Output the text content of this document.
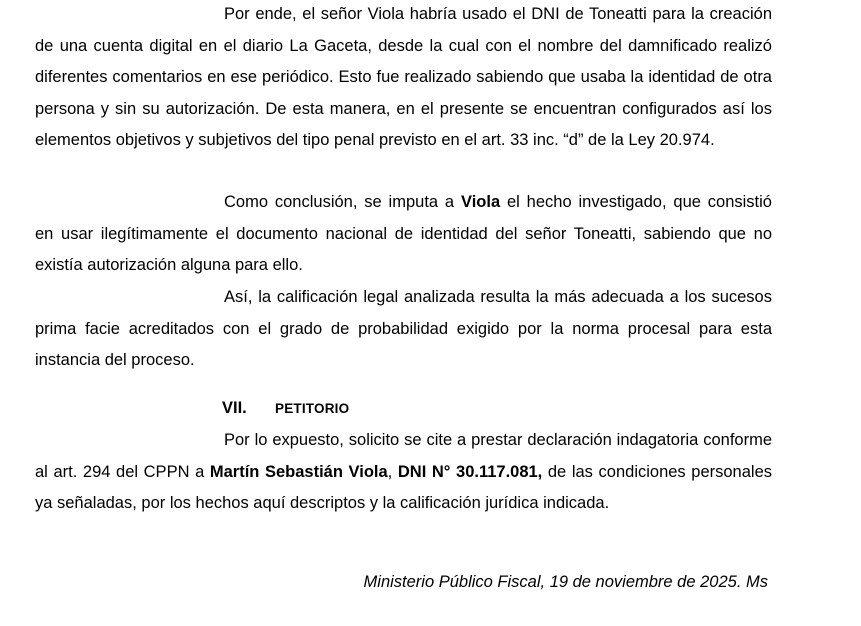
Por ende, el señor Viola habría usado el DNI de Toneatti para la creación de una cuenta digital en el diario La Gaceta, desde la cual con el nombre del damnificado realizó diferentes comentarios en ese periódico. Esto fue realizado sabiendo que usaba la identidad de otra persona y sin su autorización. De esta manera, en el presente se encuentran configurados así los elementos objetivos y subjetivos del tipo penal previsto en el art. 33 inc. “d” de la Ley 20.974.

Como conclusión, se imputa a Viola el hecho investigado, que consistió en usar ilegítimamente el documento nacional de identidad del señor Toneatti, sabiendo que no existía autorización alguna para ello.

Así, la calificación legal analizada resulta la más adecuada a los sucesos prima facie acreditados con el grado de probabilidad exigido por la norma procesal para esta instancia del proceso.

VII. PETITORIO

Por lo expuesto, solicito se cite a prestar declaración indagatoria conforme al art. 294 del CPPN a Martín Sebastián Viola, DNI N° 30.117.081, de las condiciones personales ya señaladas, por los hechos aquí descriptos y la calificación jurídica indicada.

Ministerio Público Fiscal, 19 de noviembre de 2025. Ms
